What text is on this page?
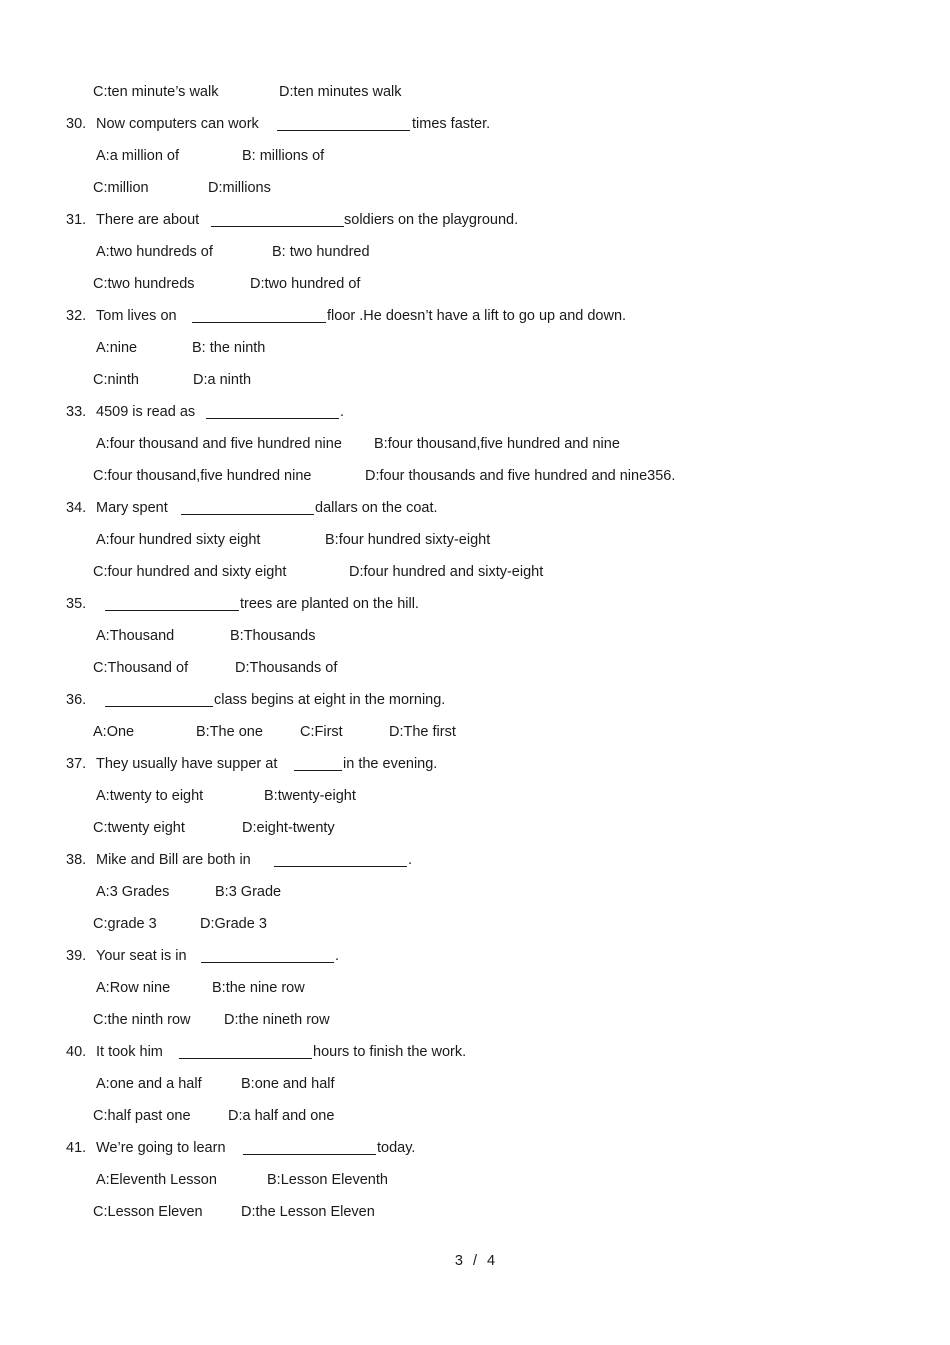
C:ten minute’s walk	D:ten minutes walk
30. Now computers can work	times faster.
A:a million of	B: millions of
C:million	D:millions
31. There are about	soldiers on the playground.
A:two hundreds of	B: two hundred
C:two hundreds	D:two hundred of
32. Tom lives on	floor .He doesn’t have a lift to go up and down.
A:nine	B: the ninth
C:ninth	D:a ninth
33. 4509 is read as	.
A:four thousand and five hundred nine B:four thousand,five hundred and nine
C:four thousand,five hundred nine	D:four thousands and five hundred and nine356.
34. Mary spent	dallars on the coat.
A:four hundred sixty eight	B:four hundred sixty-eight
C:four hundred and sixty eight	D:four hundred and sixty-eight
35.	trees are planted on the hill.
A:Thousand	B:Thousands
C:Thousand of	D:Thousands of
36.	class begins at eight in the morning.
A:One	B:The one	C:First	D:The first
37. They usually have supper at	in the evening.
A:twenty to eight	B:twenty-eight
C:twenty eight	D:eight-twenty
38. Mike and Bill are both in	.
A:3 Grades	B:3 Grade
C:grade 3	D:Grade 3
39. Your seat is in	.
A:Row nine	B:the nine row
C:the ninth row D:the nineth row
40. It took him	hours to finish the work.
A:one and a half	B:one and half
C:half past one	D:a half and one
41. We’re going to learn	today.
A:Eleventh Lesson	B:Lesson Eleventh
C:Lesson Eleven	D:the Lesson Eleven
3 / 4
